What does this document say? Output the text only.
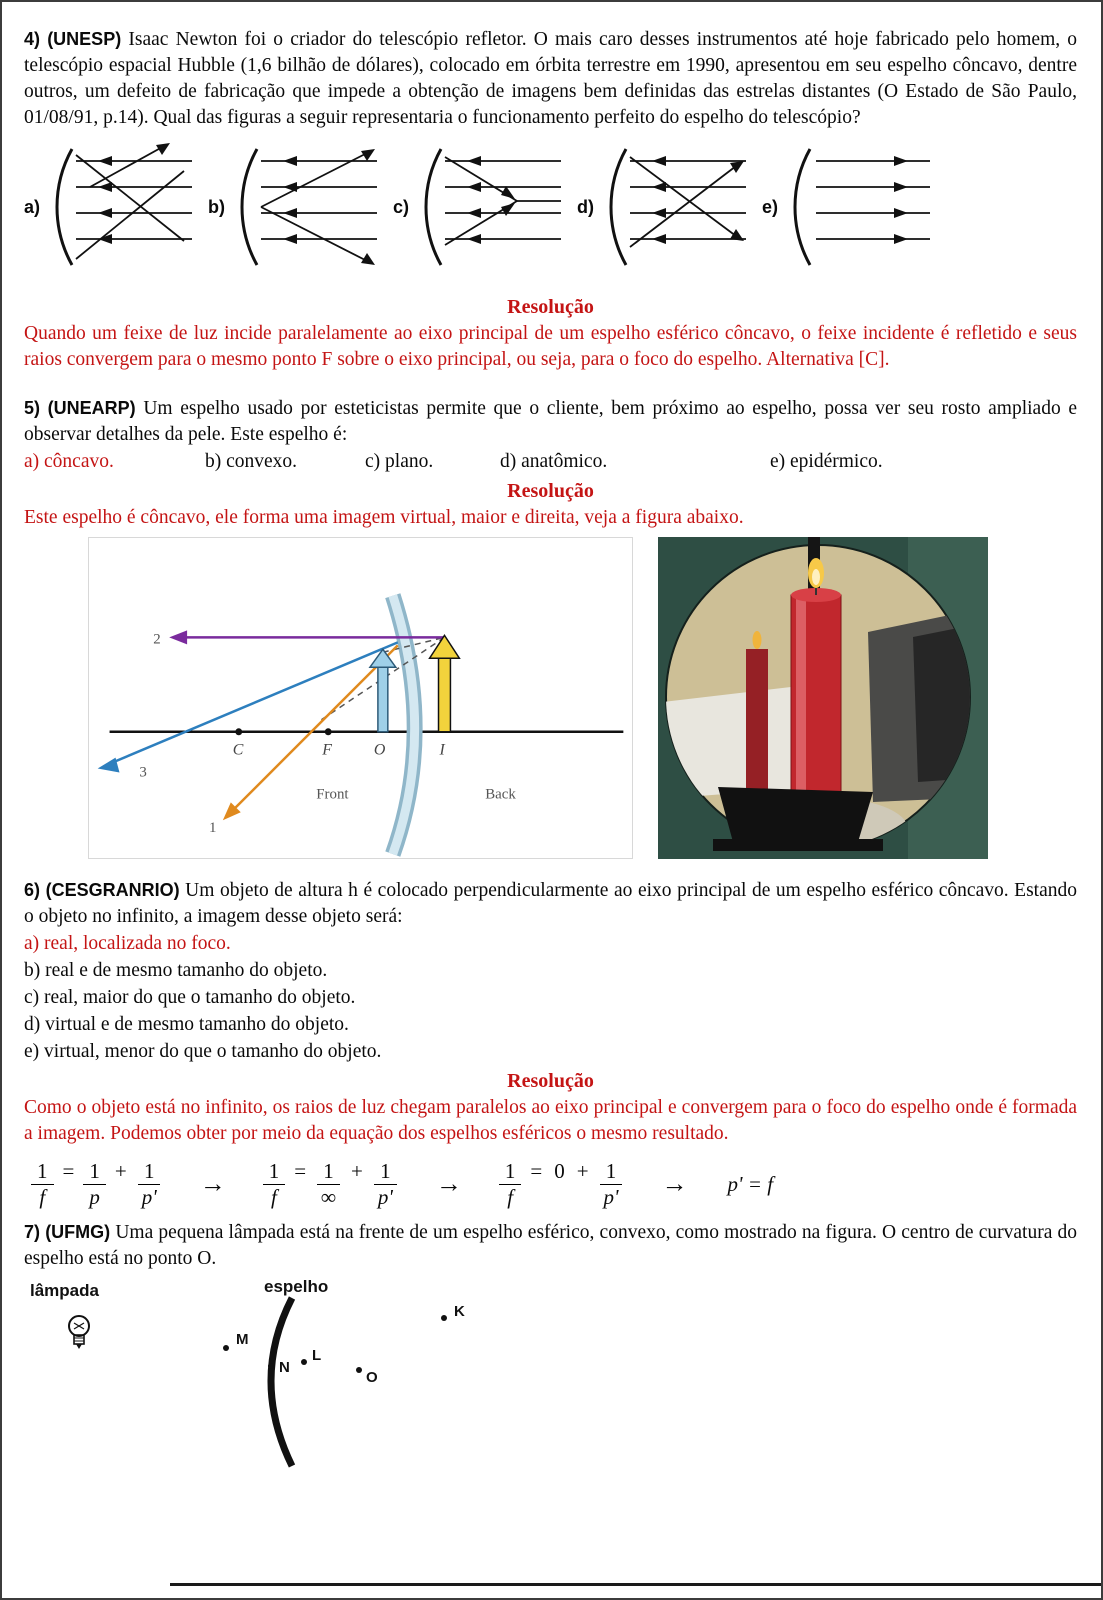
4) (UNESP) Isaac Newton foi o criador do telescópio refletor. O mais caro desses instrumentos até hoje fabricado pelo homem, o telescópio espacial Hubble (1,6 bilhão de dólares), colocado em órbita terrestre em 1990, apresentou em seu espelho côncavo, dentre outros, um defeito de fabricação que impede a obtenção de imagens bem definidas das estrelas distantes (O Estado de São Paulo, 01/08/91, p.14). Qual das figuras a seguir representaria o funcionamento perfeito do espelho do telescópio?

a)	b)	c)	d)	e)
Resolução

Quando um feixe de luz incide paralelamente ao eixo principal de um espelho esférico côncavo, o feixe incidente é refletido e seus raios convergem para o mesmo ponto F sobre o eixo principal, ou seja, para o foco do espelho. Alternativa [C].

5) (UNEARP) Um espelho usado por esteticistas permite que o cliente, bem próximo ao espelho, possa ver seu rosto ampliado e observar detalhes da pele. Este espelho é:

a) côncavo.	b) convexo.	c) plano.	d) anatômico.	e) epidérmico.
Resolução

Este espelho é côncavo, ele forma uma imagem virtual, maior e direita, veja a figura abaixo.

C	F	O	I
2
3
1
Front	Back

6) (CESGRANRIO) Um objeto de altura h é colocado perpendicularmente ao eixo principal de um espelho esférico côncavo. Estando o objeto no infinito, a imagem desse objeto será:

a) real, localizada no foco.
b) real e de mesmo tamanho do objeto.
c) real, maior do que o tamanho do objeto.
d) virtual e de mesmo tamanho do objeto.
e) virtual, menor do que o tamanho do objeto.
Resolução

Como o objeto está no infinito, os raios de luz chegam paralelos ao eixo principal e convergem para o foco do espelho onde é formada a imagem. Podemos obter por meio da equação dos espelhos esféricos o mesmo resultado.

$\frac{1}{f} = \frac{1}{p} + \frac{1}{p'} \to \frac{1}{f} = \frac{1}{\infty} + \frac{1}{p'} \to \frac{1}{f} = 0 + \frac{1}{p'} \to p' = f$

7) (UFMG) Uma pequena lâmpada está na frente de um espelho esférico, convexo, como mostrado na figura. O centro de curvatura do espelho está no ponto O.

lâmpada	espelho
M
N
L
O
K
